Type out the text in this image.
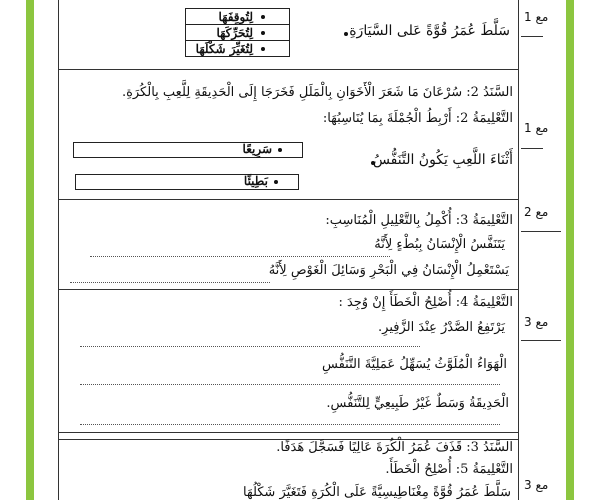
مع 1
مع 1
مع 2
مع 3
مع 3
لِتُوقِفَهَا
لِتُحَرِّكَهَا
لِتُغَيِّرَ شَكْلَهَا
سَلَّطَ عُمَرُ قُوَّةً عَلى السَّيَارَةِ
السَّنَدُ 2: سُرْعَانَ مَا شَعَرَ الْأَخَوَانِ بِالْمَلَلِ فَخَرَجَا إِلَى الْحَدِيقَةِ لِلَّعِبِ بِالْكُرَةِ.
التَّعْلِيمَةُ 2: أَرْبِطُ الْجُمْلَةَ بِمَا يُنَاسِبُهَا:
سَرِيعًا
بَطِيئًا
أَثْنَاءَ اللَّعِبِ يَكُونُ التَّنَفُّسُ
التَّعْلِيمَةُ 3: أُكْمِلُ بِالتَّعْلِيلِ الْمُنَاسِبِ:
يَتَنَفَّسُ الْإِنْسَانُ بِبُطْءٍ لِأَنَّهُ
يَسْتَعْمِلُ الْإِنْسَانُ فِي الْبَحْرِ وَسَائِلَ الْغَوْصِ لِأَنَّهُ
التَّعْلِيمَةُ 4: أُصْلِحُ الْخَطَأَ إِنْ وُجِدَ :
يَرْتَفِعُ الصَّدْرُ عِنْدَ الزَّفِيرِ.
الْهَوَاءُ الْمُلَوَّثُ يُسَهِّلُ عَمَلِيَّةَ التَّنَفُّسِ
الْحَدِيقَةُ وَسَطٌ غَيْرُ طَبِيعِيٍّ لِلتَّنَفُّسِ.
السَّنَدُ 3: قَذَفَ عُمَرُ الْكُرَةَ عَالِيًا فَسَجَّلَ هَدَفًا.
التَّعْلِيمَةُ 5: أُصْلِحُ الْخَطَأَ.
سَلَّطَ عُمَرُ قُوَّةً مِغْنَاطِيسِيَّةً عَلَى الْكُرَةِ فَتَغَيَّرَ شَكْلُهَا
